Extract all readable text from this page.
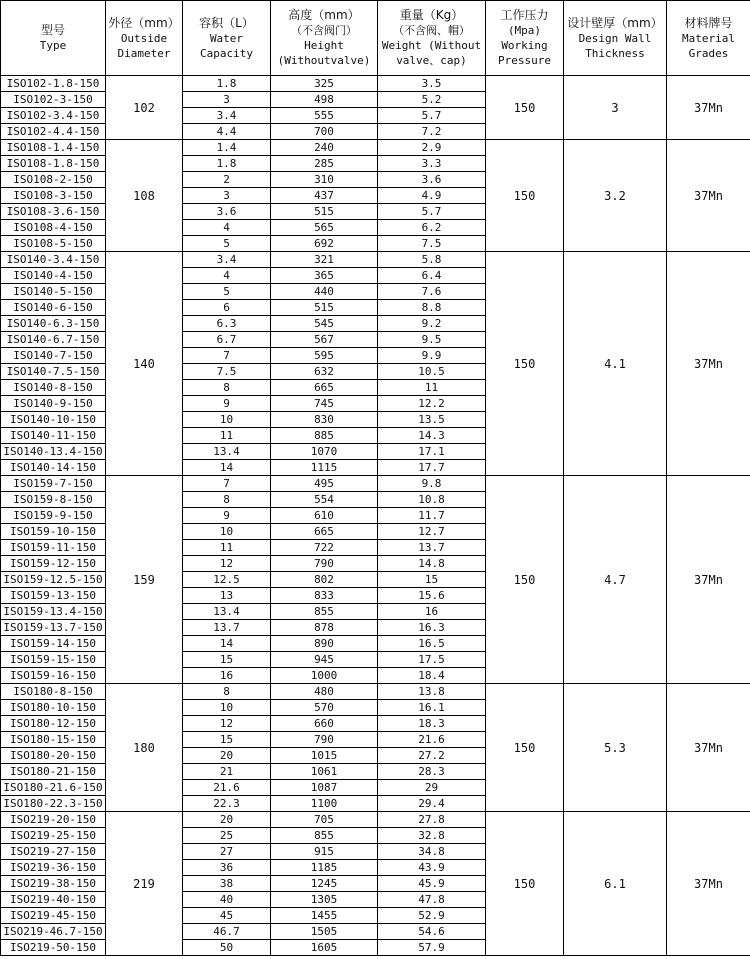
型号
Type	外径（mm）
Outside
Diameter	容积（L）
Water
Capacity	高度（mm）
（不含阀门）
Height
(Withoutvalve)	重量（Kg）
（不含阀、帽）
Weight (Without
valve、cap)	工作压力
(Mpa)
Working
Pressure	设计壁厚（mm）
Design Wall
Thickness	材料牌号
Material
Grades

ISO102-1.8-150	102	1.8	325	3.5	150	3	37Mn
ISO102-3-150		3	498	5.2			
ISO102-3.4-150		3.4	555	5.7			
ISO102-4.4-150		4.4	700	7.2			
ISO108-1.4-150	108	1.4	240	2.9	150	3.2	37Mn
ISO108-1.8-150		1.8	285	3.3			
ISO108-2-150		2	310	3.6			
ISO108-3-150		3	437	4.9			
ISO108-3.6-150		3.6	515	5.7			
ISO108-4-150		4	565	6.2			
ISO108-5-150		5	692	7.5			
ISO140-3.4-150	140	3.4	321	5.8	150	4.1	37Mn
ISO140-4-150		4	365	6.4			
ISO140-5-150		5	440	7.6			
ISO140-6-150		6	515	8.8			
ISO140-6.3-150		6.3	545	9.2			
ISO140-6.7-150		6.7	567	9.5			
ISO140-7-150		7	595	9.9			
ISO140-7.5-150		7.5	632	10.5			
ISO140-8-150		8	665	11			
ISO140-9-150		9	745	12.2			
ISO140-10-150		10	830	13.5			
ISO140-11-150		11	885	14.3			
ISO140-13.4-150		13.4	1070	17.1			
ISO140-14-150		14	1115	17.7			
ISO159-7-150	159	7	495	9.8	150	4.7	37Mn
ISO159-8-150		8	554	10.8			
ISO159-9-150		9	610	11.7			
ISO159-10-150		10	665	12.7			
ISO159-11-150		11	722	13.7			
ISO159-12-150		12	790	14.8			
ISO159-12.5-150		12.5	802	15			
ISO159-13-150		13	833	15.6			
ISO159-13.4-150		13.4	855	16			
ISO159-13.7-150		13.7	878	16.3			
ISO159-14-150		14	890	16.5			
ISO159-15-150		15	945	17.5			
ISO159-16-150		16	1000	18.4			
ISO180-8-150	180	8	480	13.8	150	5.3	37Mn
ISO180-10-150		10	570	16.1			
ISO180-12-150		12	660	18.3			
ISO180-15-150		15	790	21.6			
ISO180-20-150		20	1015	27.2			
ISO180-21-150		21	1061	28.3			
ISO180-21.6-150		21.6	1087	29			
ISO180-22.3-150		22.3	1100	29.4			
ISO219-20-150	219	20	705	27.8	150	6.1	37Mn
ISO219-25-150		25	855	32.8			
ISO219-27-150		27	915	34.8			
ISO219-36-150		36	1185	43.9			
ISO219-38-150		38	1245	45.9			
ISO219-40-150		40	1305	47.8			
ISO219-45-150		45	1455	52.9			
ISO219-46.7-150		46.7	1505	54.6			
ISO219-50-150		50	1605	57.9			
